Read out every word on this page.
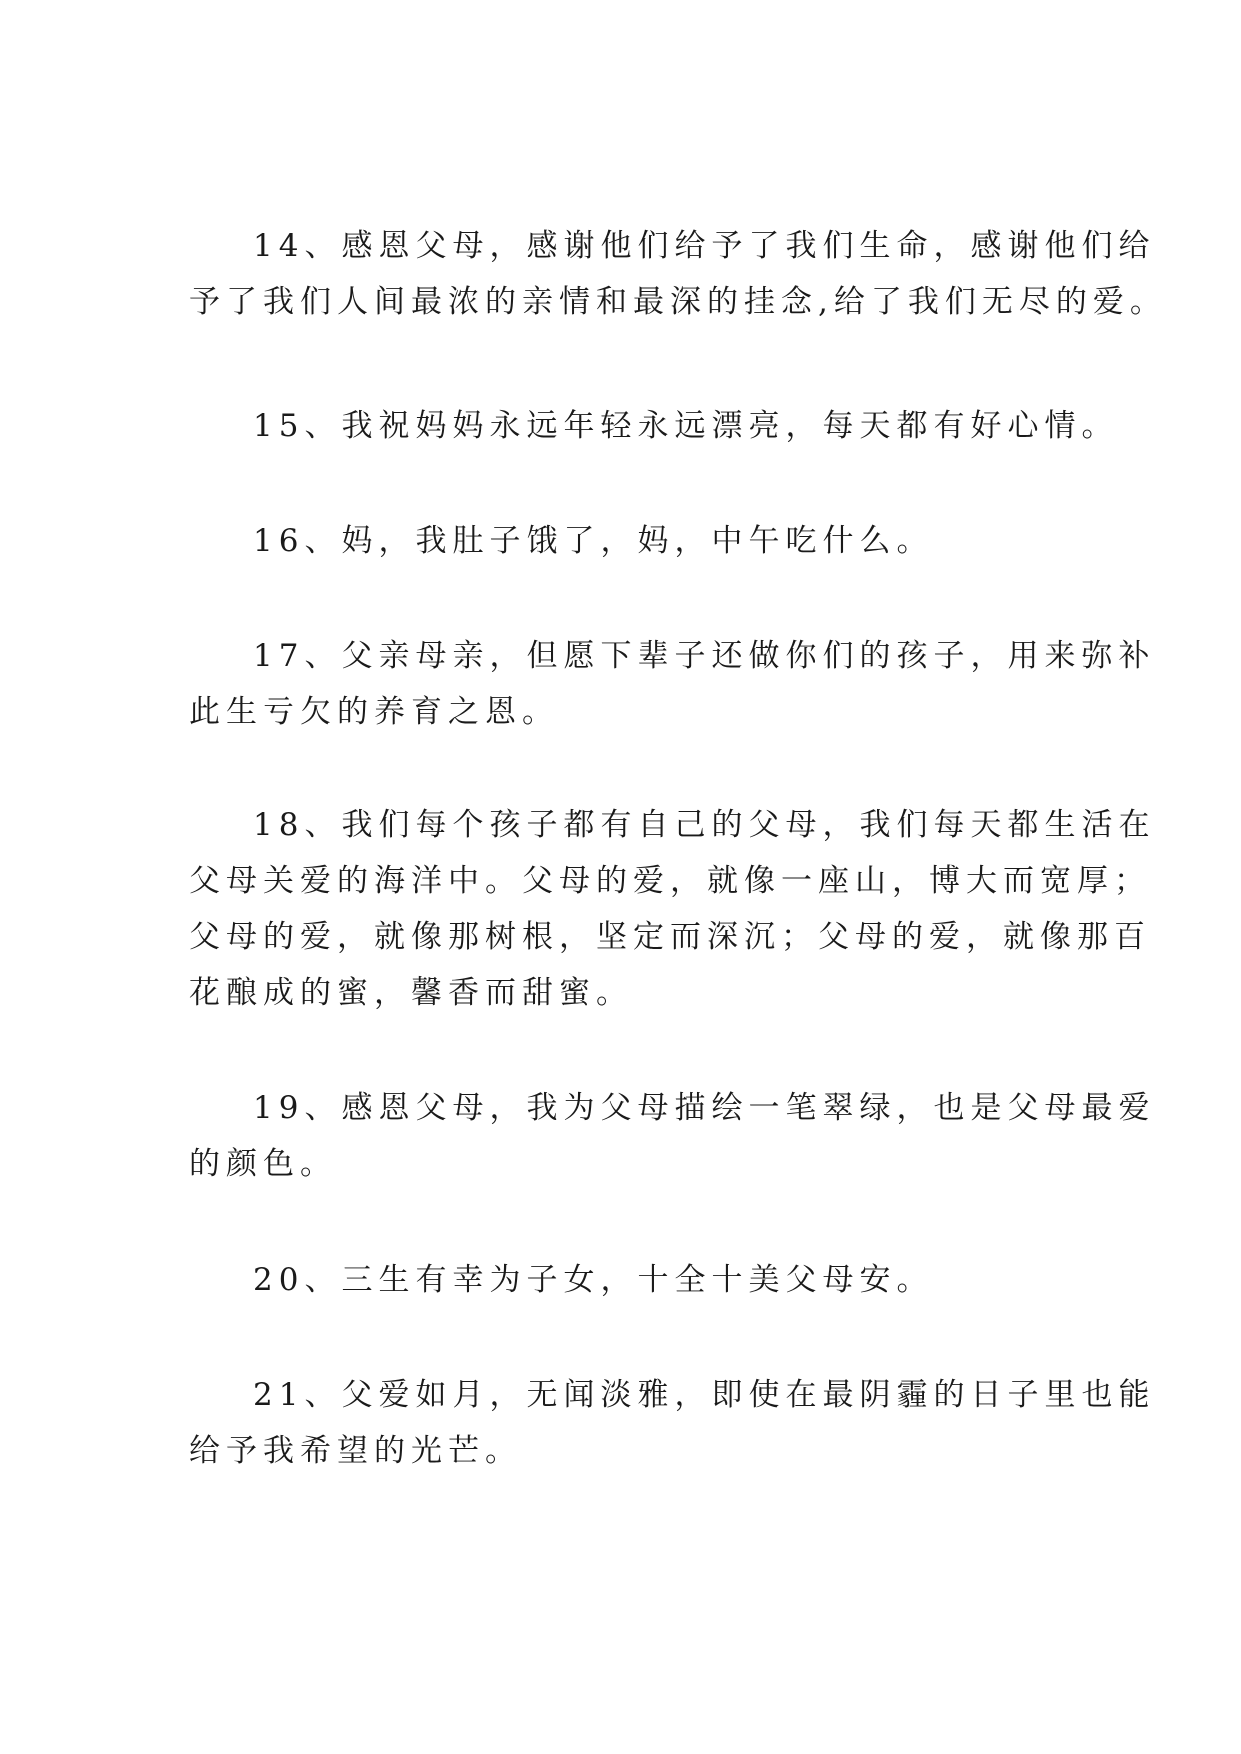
14、感恩父母，感谢他们给予了我们生命，感谢他们给
予了我们人间最浓的亲情和最深的挂念,给了我们无尽的爱。

15、我祝妈妈永远年轻永远漂亮，每天都有好心情。

16、妈，我肚子饿了，妈，中午吃什么。

17、父亲母亲，但愿下辈子还做你们的孩子，用来弥补
此生亏欠的养育之恩。

18、我们每个孩子都有自己的父母，我们每天都生活在
父母关爱的海洋中。父母的爱，就像一座山，博大而宽厚；
父母的爱，就像那树根，坚定而深沉；父母的爱，就像那百
花酿成的蜜，馨香而甜蜜。

19、感恩父母，我为父母描绘一笔翠绿，也是父母最爱
的颜色。

20、三生有幸为子女，十全十美父母安。

21、父爱如月，无闻淡雅，即使在最阴霾的日子里也能
给予我希望的光芒。
